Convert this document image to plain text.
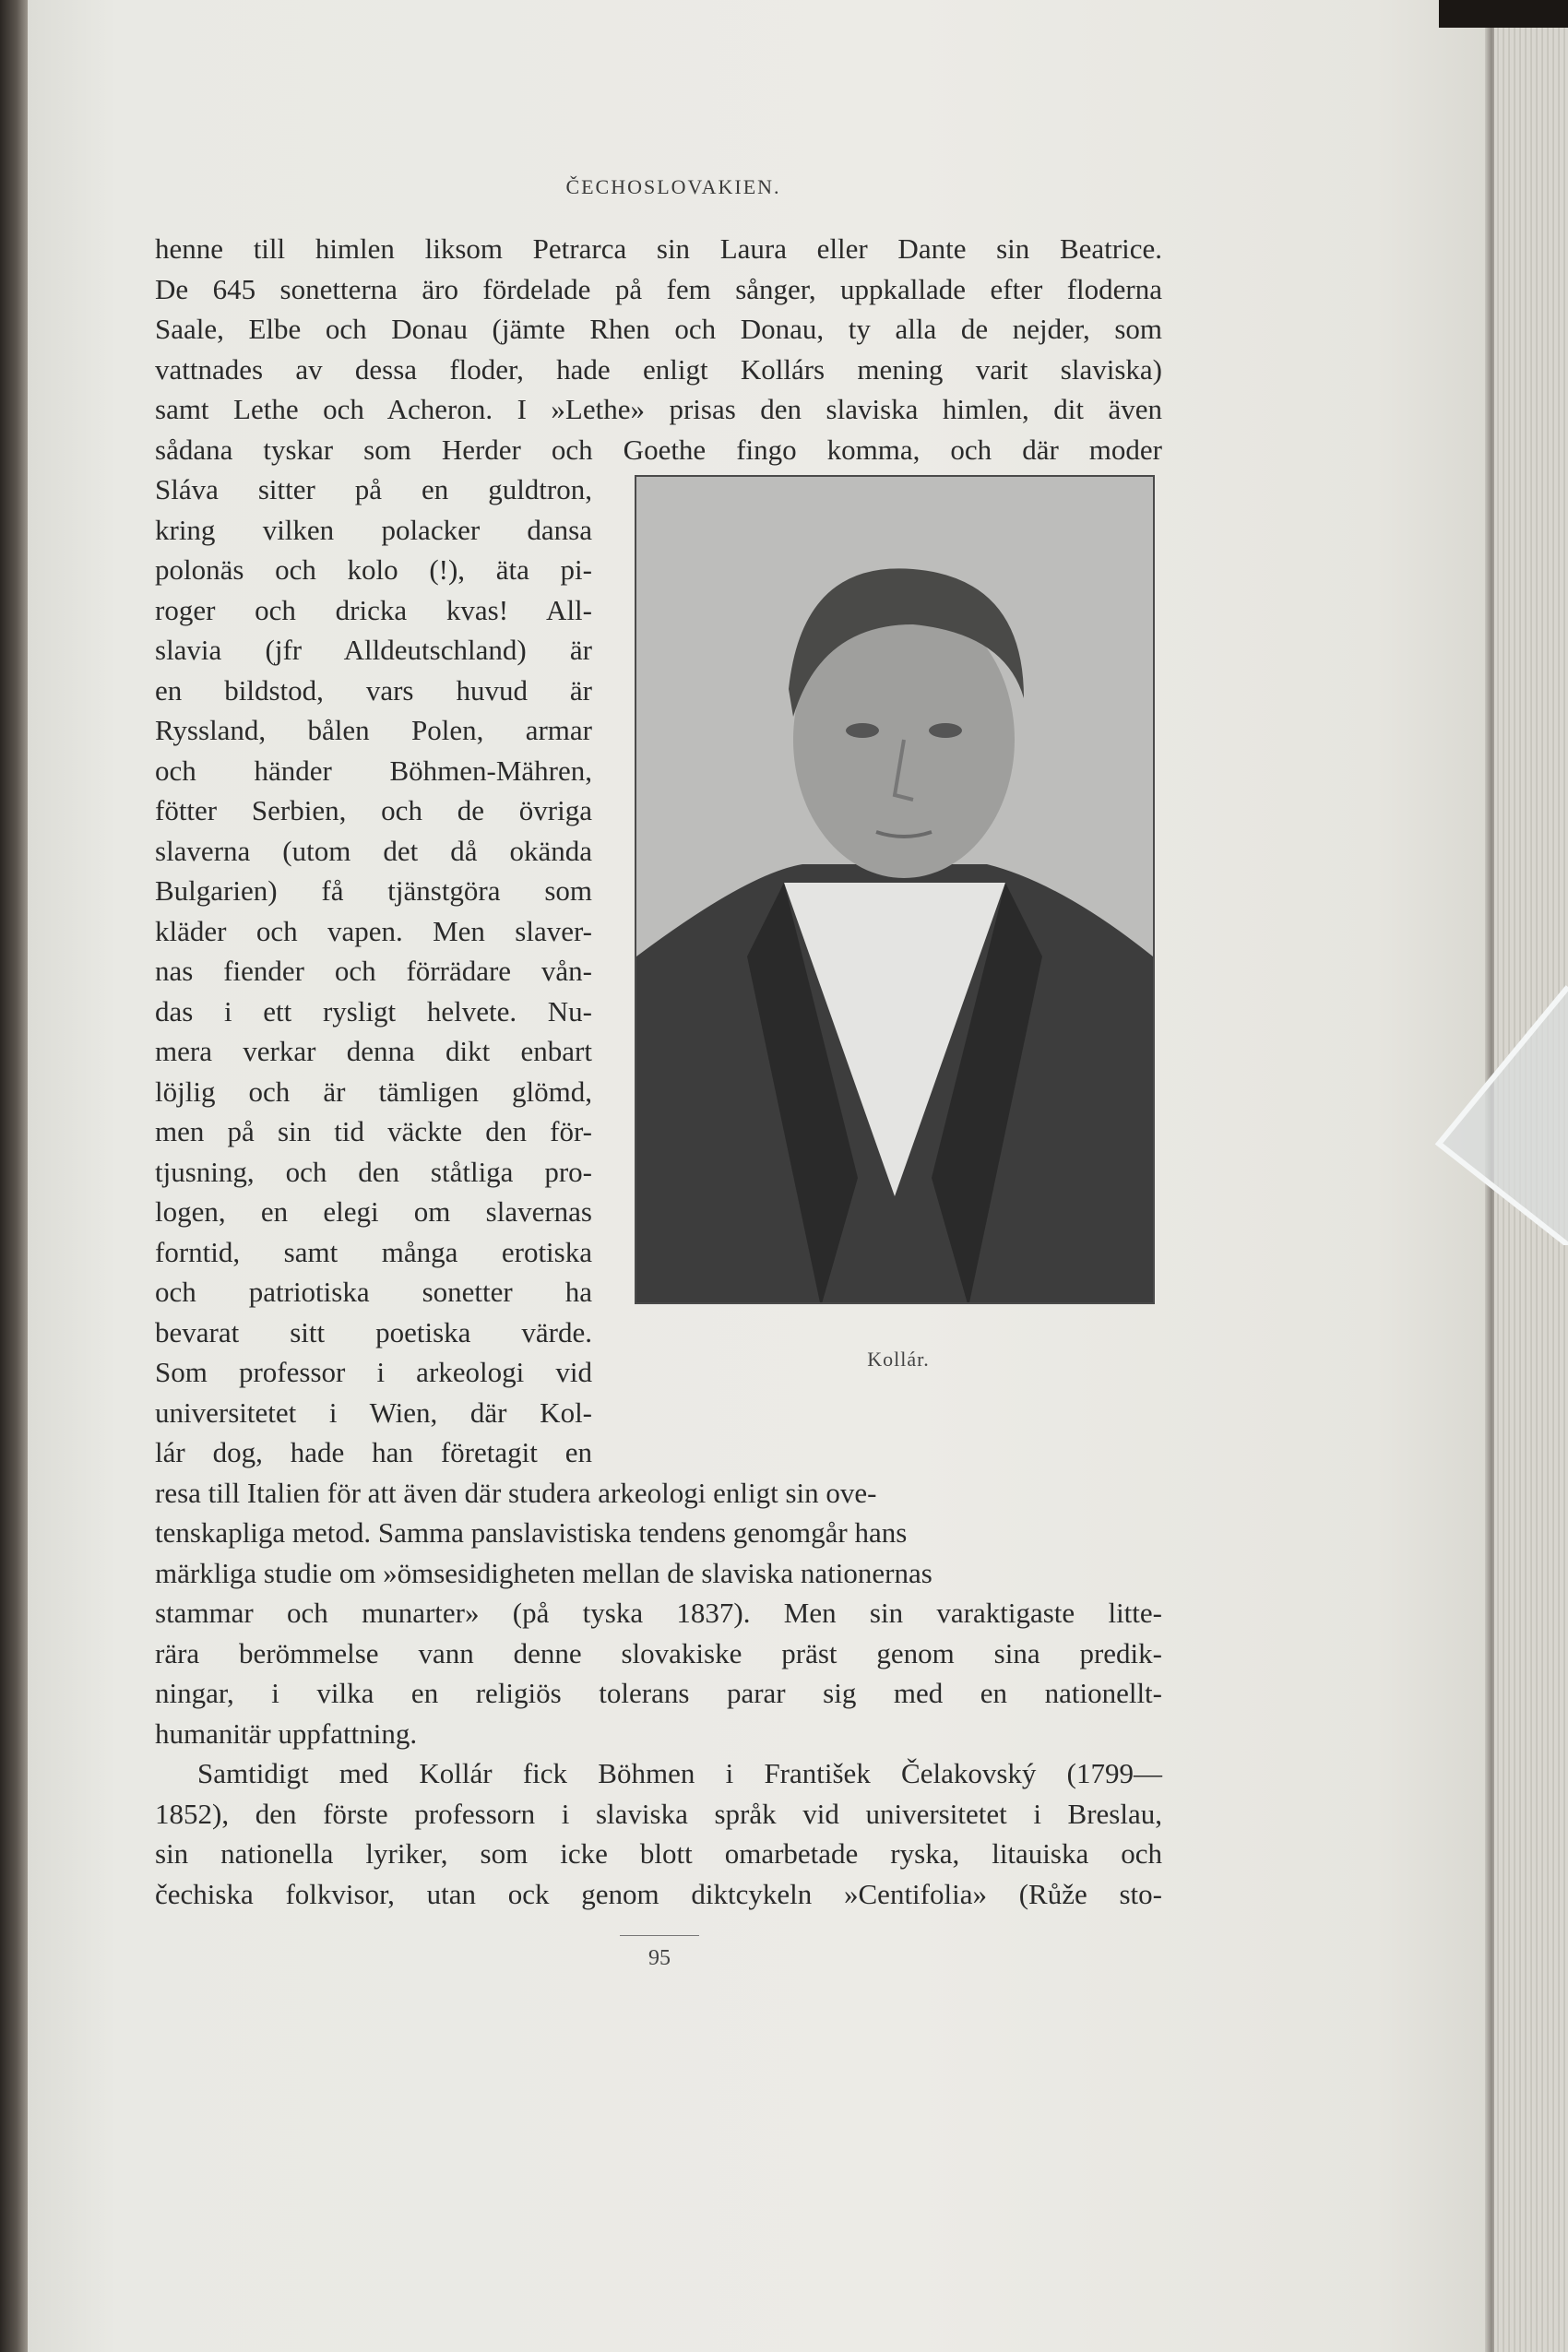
ČECHOSLOVAKIEN.
henne till himlen liksom Petrarca sin Laura eller Dante sin Beatrice.
De 645 sonetterna äro fördelade på fem sånger, uppkallade efter floderna
Saale, Elbe och Donau (jämte Rhen och Donau, ty alla de nejder, som
vattnades av dessa floder, hade enligt Kollárs mening varit slaviska)
samt Lethe och Acheron. I »Lethe» prisas den slaviska himlen, dit även
sådana tyskar som Herder och Goethe fingo komma, och där moder
Kollár.
Sláva sitter på en guldtron,
kring vilken polacker dansa
polonäs och kolo (!), äta pi-
roger och dricka kvas! All-
slavia (jfr Alldeutschland) är
en bildstod, vars huvud är
Ryssland, bålen Polen, armar
och händer Böhmen-Mähren,
fötter Serbien, och de övriga
slaverna (utom det då okända
Bulgarien) få tjänstgöra som
kläder och vapen. Men slaver-
nas fiender och förrädare vån-
das i ett rysligt helvete. Nu-
mera verkar denna dikt enbart
löjlig och är tämligen glömd,
men på sin tid väckte den för-
tjusning, och den ståtliga pro-
logen, en elegi om slavernas
forntid, samt många erotiska
och patriotiska sonetter ha
bevarat sitt poetiska värde.
Som professor i arkeologi vid
universitetet i Wien, där Kol-
lár dog, hade han företagit en
resa till Italien för att även där studera arkeologi enligt sin ove-
tenskapliga metod. Samma panslavistiska tendens genomgår hans
märkliga studie om »ömsesidigheten mellan de slaviska nationernas
stammar och munarter» (på tyska 1837). Men sin varaktigaste litte-
rära berömmelse vann denne slovakiske präst genom sina predik-
ningar, i vilka en religiös tolerans parar sig med en nationellt-
humanitär uppfattning.
Samtidigt med Kollár fick Böhmen i František Čelakovský (1799—
1852), den förste professorn i slaviska språk vid universitetet i Breslau,
sin nationella lyriker, som icke blott omarbetade ryska, litauiska och
čechiska folkvisor, utan ock genom diktcykeln »Centifolia» (Růže sto-
95
